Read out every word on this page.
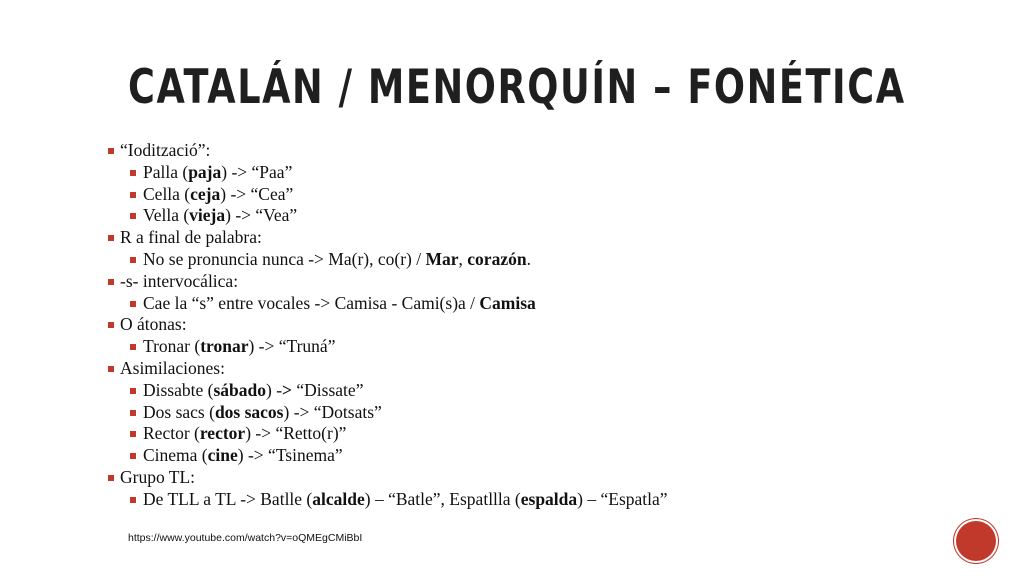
CATALÁN / MENORQUÍN – FONÉTICA
“Iodització”:
Palla (paja) -> “Paa”
Cella (ceja) -> “Cea”
Vella (vieja) -> “Vea”
R a final de palabra:
No se pronuncia nunca -> Ma(r), co(r) / Mar, corazón.
-s- intervocálica:
Cae la “s” entre vocales -> Camisa - Cami(s)a / Camisa
O átonas:
Tronar (tronar) -> “Truná”
Asimilaciones:
Dissabte (sábado) -> “Dissate”
Dos sacs (dos sacos) -> “Dotsats”
Rector (rector) -> “Retto(r)”
Cinema (cine) -> “Tsinema”
Grupo TL:
De TLL a TL -> Batlle (alcalde) – “Batle”, Espatllla (espalda) – “Espatla”
https://www.youtube.com/watch?v=oQMEgCMiBbI
